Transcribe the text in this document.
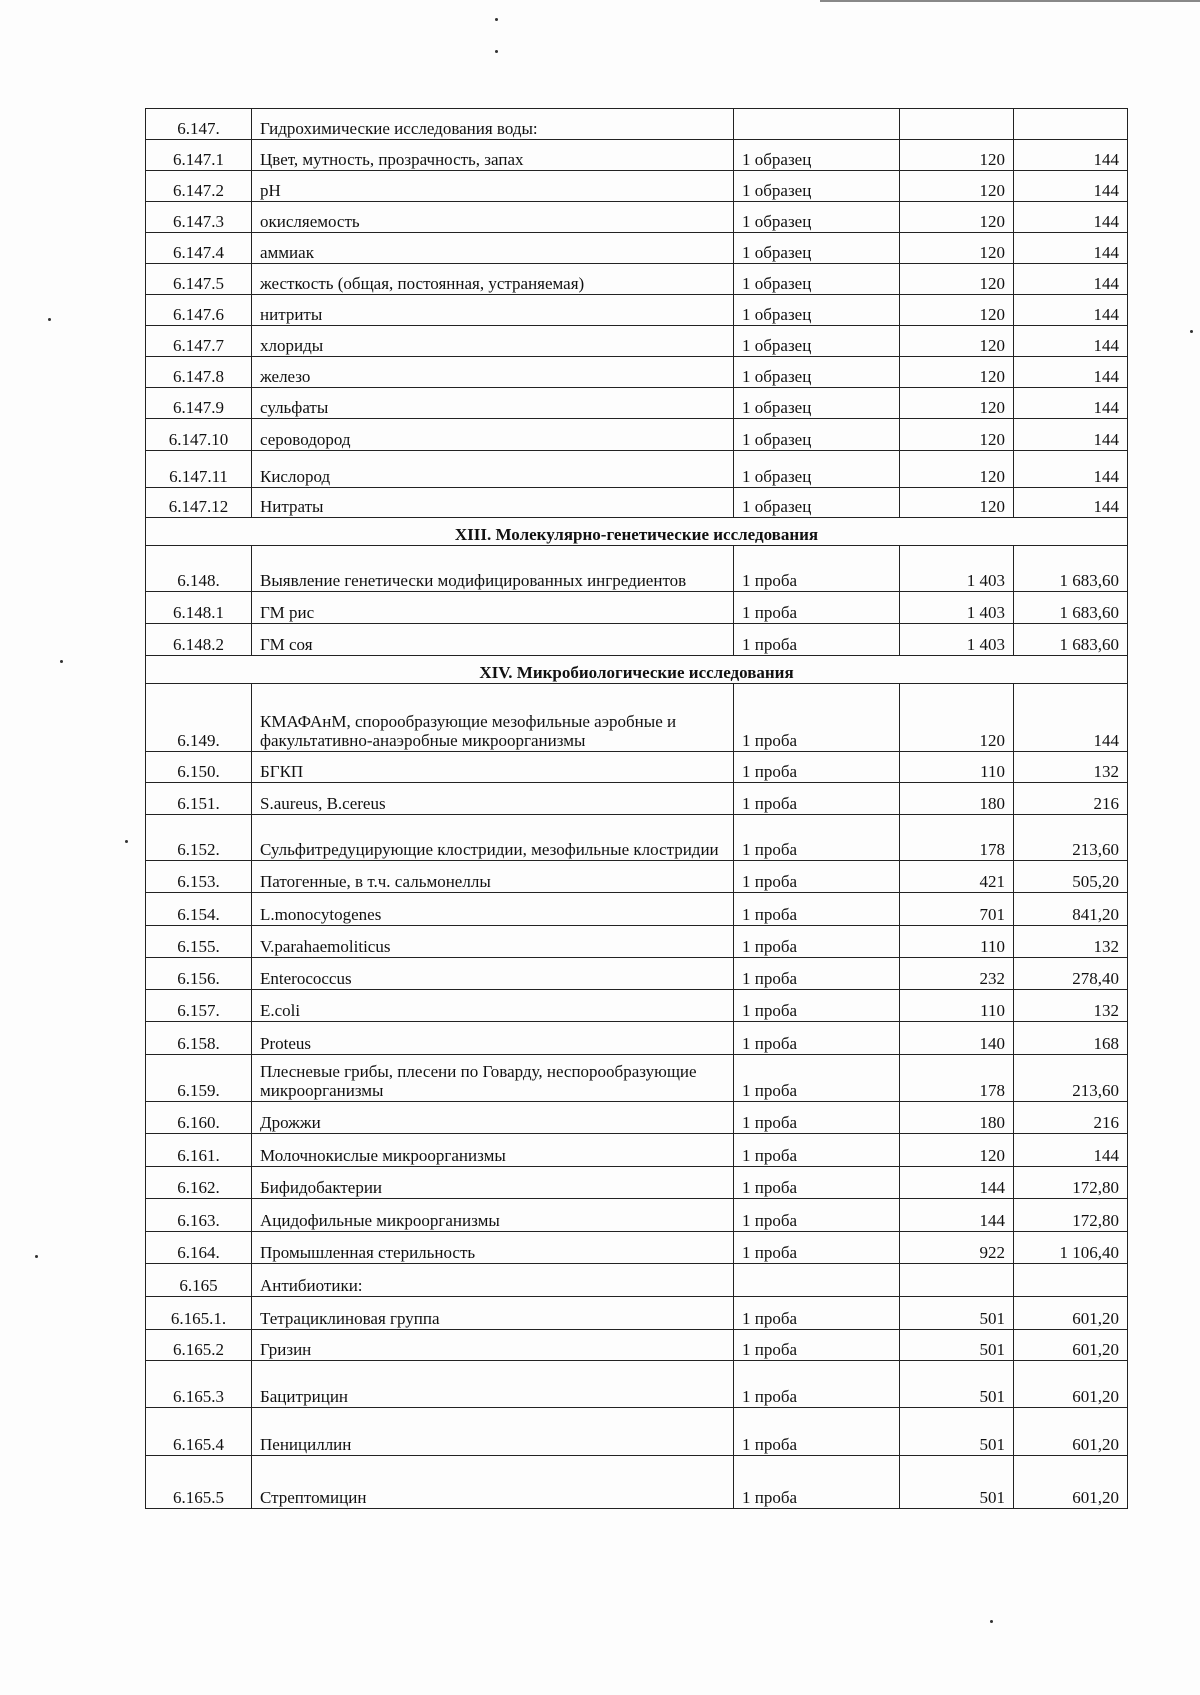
6.147.	Гидрохимические исследования воды:			
6.147.1	Цвет, мутность, прозрачность, запах	1 образец	120	144
6.147.2	pH	1 образец	120	144
6.147.3	окисляемость	1 образец	120	144
6.147.4	аммиак	1 образец	120	144
6.147.5	жесткость (общая, постоянная, устраняемая)	1 образец	120	144
6.147.6	нитриты	1 образец	120	144
6.147.7	хлориды	1 образец	120	144
6.147.8	железо	1 образец	120	144
6.147.9	сульфаты	1 образец	120	144
6.147.10	сероводород	1 образец	120	144
6.147.11	Кислород	1 образец	120	144
6.147.12	Нитраты	1 образец	120	144
XIII. Молекулярно-генетические исследования				
6.148.	Выявление генетически модифицированных ингредиентов	1 проба	1 403	1 683,60
6.148.1	ГМ рис	1 проба	1 403	1 683,60
6.148.2	ГМ соя	1 проба	1 403	1 683,60
XIV. Микробиологические исследования				
6.149.	КМАФАнМ, спорообразующие мезофильные аэробные и факультативно-анаэробные микроорганизмы	1 проба	120	144
6.150.	БГКП	1 проба	110	132
6.151.	S.aureus, B.cereus	1 проба	180	216
6.152.	Сульфитредуцирующие клостридии, мезофильные клостридии	1 проба	178	213,60
6.153.	Патогенные, в т.ч. сальмонеллы	1 проба	421	505,20
6.154.	L.monocytogenes	1 проба	701	841,20
6.155.	V.parahaemoliticus	1 проба	110	132
6.156.	Enterococcus	1 проба	232	278,40
6.157.	E.coli	1 проба	110	132
6.158.	Proteus	1 проба	140	168
6.159.	Плесневые грибы, плесени по Говарду, неспорообразующие микроорганизмы	1 проба	178	213,60
6.160.	Дрожжи	1 проба	180	216
6.161.	Молочнокислые микроорганизмы	1 проба	120	144
6.162.	Бифидобактерии	1 проба	144	172,80
6.163.	Ацидофильные микроорганизмы	1 проба	144	172,80
6.164.	Промышленная стерильность	1 проба	922	1 106,40
6.165	Антибиотики:			
6.165.1.	Тетрациклиновая группа	1 проба	501	601,20
6.165.2	Гризин	1 проба	501	601,20
6.165.3	Бацитрицин	1 проба	501	601,20
6.165.4	Пенициллин	1 проба	501	601,20
6.165.5	Стрептомицин	1 проба	501	601,20
